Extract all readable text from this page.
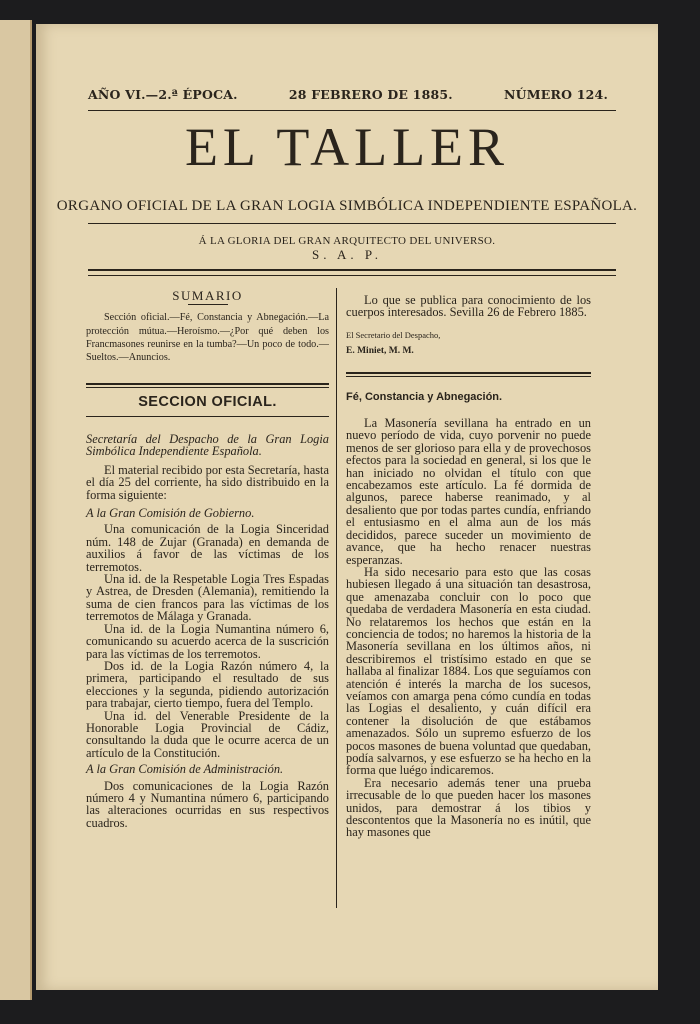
AÑO VI.—2.ª ÉPOCA.	28 FEBRERO DE 1885.	NÚMERO 124.
EL TALLER
ORGANO OFICIAL DE LA GRAN LOGIA SIMBÓLICA INDEPENDIENTE ESPAÑOLA.
Á LA GLORIA DEL GRAN ARQUITECTO DEL UNIVERSO.
S. A. P.
SUMARIO

Sección oficial.—Fé, Constancia y Abnegación.—La protección mútua.—Heroísmo.—¿Por qué deben los Francmasones reunirse en la tumba?—Un poco de todo.—Sueltos.—Anuncios.

SECCION OFICIAL.

Secretaría del Despacho de la Gran Logia Simbólica Independiente Española.

El material recibido por esta Secretaría, hasta el día 25 del corriente, ha sido distribuido en la forma siguiente:

A la Gran Comisión de Gobierno.

Una comunicación de la Logia Sinceridad núm. 148 de Zujar (Granada) en demanda de auxilios á favor de las víctimas de los terremotos.

Una id. de la Respetable Logia Tres Espadas y Astrea, de Dresden (Alemania), remitiendo la suma de cien francos para las víctimas de los terremotos de Málaga y Granada.

Una id. de la Logia Numantina número 6, comunicando su acuerdo acerca de la suscrición para las víctimas de los terremotos.

Dos id. de la Logia Razón número 4, la primera, participando el resultado de sus elecciones y la segunda, pidiendo autorización para trabajar, cierto tiempo, fuera del Templo.

Una id. del Venerable Presidente de la Honorable Logia Provincial de Cádiz, consultando la duda que le ocurre acerca de un artículo de la Constitución.

A la Gran Comisión de Administración.

Dos comunicaciones de la Logia Razón número 4 y Numantina número 6, participando las alteraciones ocurridas en sus respectivos cuadros.

Lo que se publica para conocimiento de los cuerpos interesados. Sevilla 26 de Febrero 1885.

El Secretario del Despacho,

E. Miniet, M. M.

Fé, Constancia y Abnegación.

La Masonería sevillana ha entrado en un nuevo período de vida, cuyo porvenir no puede menos de ser glorioso para ella y de provechosos efectos para la sociedad en general, si los que le han iniciado no olvidan el título con que encabezamos este artículo. La fé dormida de algunos, parece haberse reanimado, y al desaliento que por todas partes cundía, enfriando el entusiasmo en el alma aun de los más decididos, parece suceder un movimiento de avance, que ha hecho renacer nuestras esperanzas.

Ha sido necesario para esto que las cosas hubiesen llegado á una situación tan desastrosa, que amenazaba concluir con lo poco que quedaba de verdadera Masonería en esta ciudad. No relataremos los hechos que están en la conciencia de todos; no haremos la historia de la Masonería sevillana en los últimos años, ni describiremos el tristísimo estado en que se hallaba al finalizar 1884. Los que seguíamos con atención é interés la marcha de los sucesos, veíamos con amarga pena cómo cundía en todas las Logias el desaliento, y cuán difícil era contener la disolución de que estábamos amenazados. Sólo un supremo esfuerzo de los pocos masones de buena voluntad que quedaban, podía salvarnos, y ese esfuerzo se ha hecho en la forma que luégo indicaremos.

Era necesario además tener una prueba irrecusable de lo que pueden hacer los masones unidos, para demostrar á los tibios y descontentos que la Masonería no es inútil, que hay masones que
